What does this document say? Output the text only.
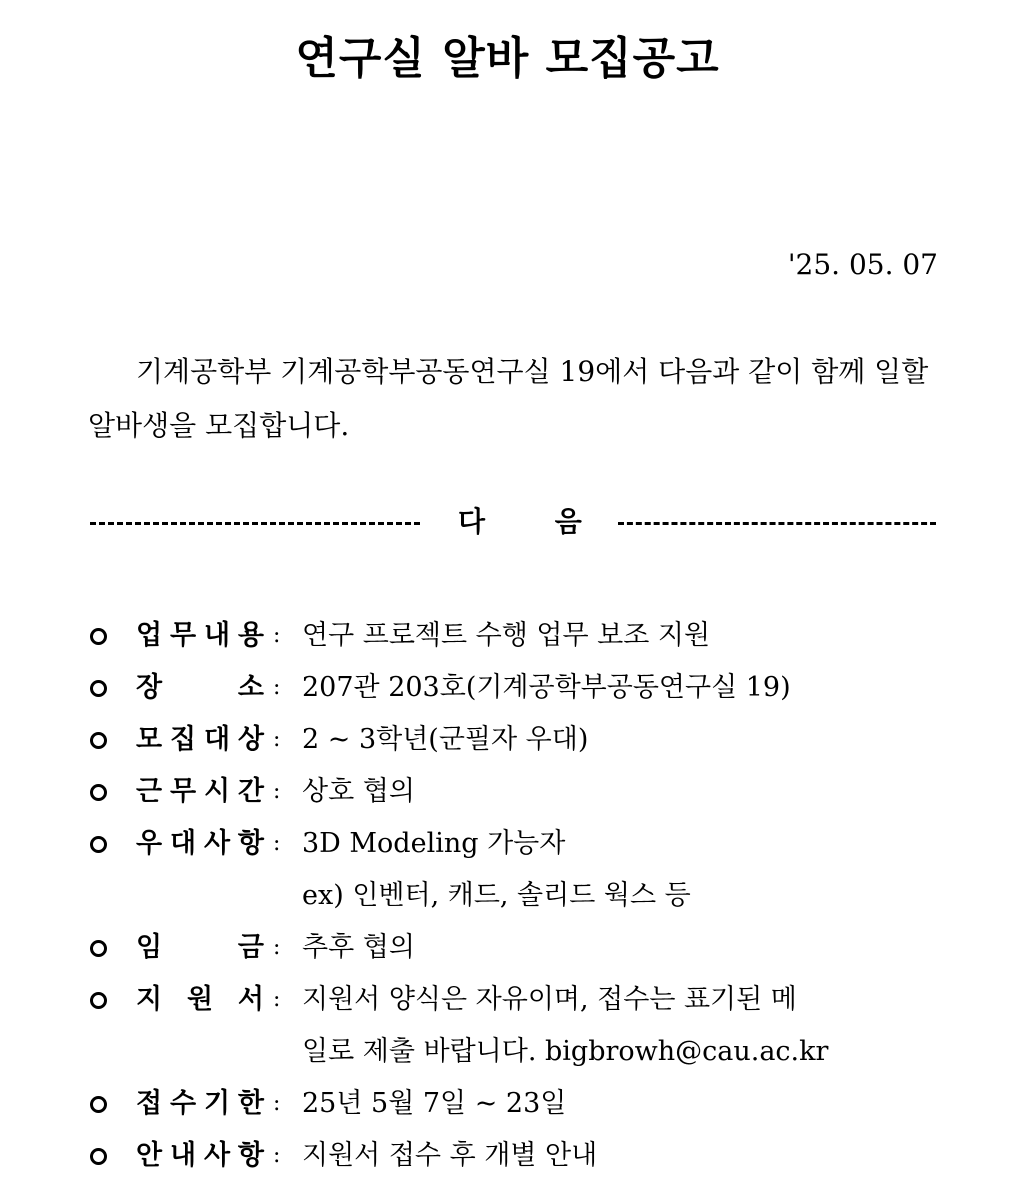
연구실 알바 모집공고
'25. 05. 07
기계공학부 기계공학부공동연구실 19에서 다음과 같이 함께 일할 알바생을 모집합니다.
다 음
업 무 내 용 : 연구 프로젝트 수행 업무 보조 지원
장	소 : 207관 203호(기계공학부공동연구실 19)
모 집 대 상 : 2 ~ 3학년(군필자 우대)
근 무 시 간 : 상호 협의
우 대 사 항 : 3D Modeling 가능자
ex) 인벤터, 캐드, 솔리드 웍스 등
임	금 : 추후 협의
지 원 서 : 지원서 양식은 자유이며, 접수는 표기된 메
일로 제출 바랍니다. bigbrowh@cau.ac.kr
접 수 기 한 : 25년 5월 7일 ~ 23일
안 내 사 항 : 지원서 접수 후 개별 안내
